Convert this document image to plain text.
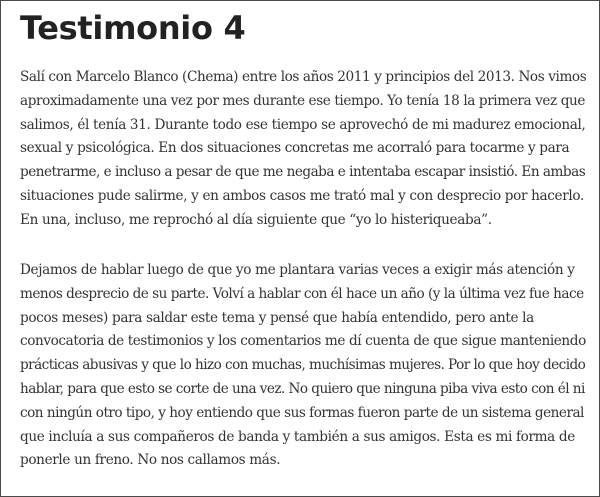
Testimonio 4

Salí con Marcelo Blanco (Chema) entre los años 2011 y principios del 2013. Nos vimos
aproximadamente una vez por mes durante ese tiempo. Yo tenía 18 la primera vez que
salimos, él tenía 31. Durante todo ese tiempo se aprovechó de mi madurez emocional,
sexual y psicológica. En dos situaciones concretas me acorraló para tocarme y para
penetrarme, e incluso a pesar de que me negaba e intentaba escapar insistió. En ambas
situaciones pude salirme, y en ambos casos me trató mal y con desprecio por hacerlo.
En una, incluso, me reprochó al día siguiente que “yo lo histeriqueaba”.

Dejamos de hablar luego de que yo me plantara varias veces a exigir más atención y
menos desprecio de su parte. Volví a hablar con él hace un año (y la última vez fue hace
pocos meses) para saldar este tema y pensé que había entendido, pero ante la
convocatoria de testimonios y los comentarios me dí cuenta de que sigue manteniendo
prácticas abusivas y que lo hizo con muchas, muchísimas mujeres. Por lo que hoy decido
hablar, para que esto se corte de una vez. No quiero que ninguna piba viva esto con él ni
con ningún otro tipo, y hoy entiendo que sus formas fueron parte de un sistema general
que incluía a sus compañeros de banda y también a sus amigos. Esta es mi forma de
ponerle un freno. No nos callamos más.
